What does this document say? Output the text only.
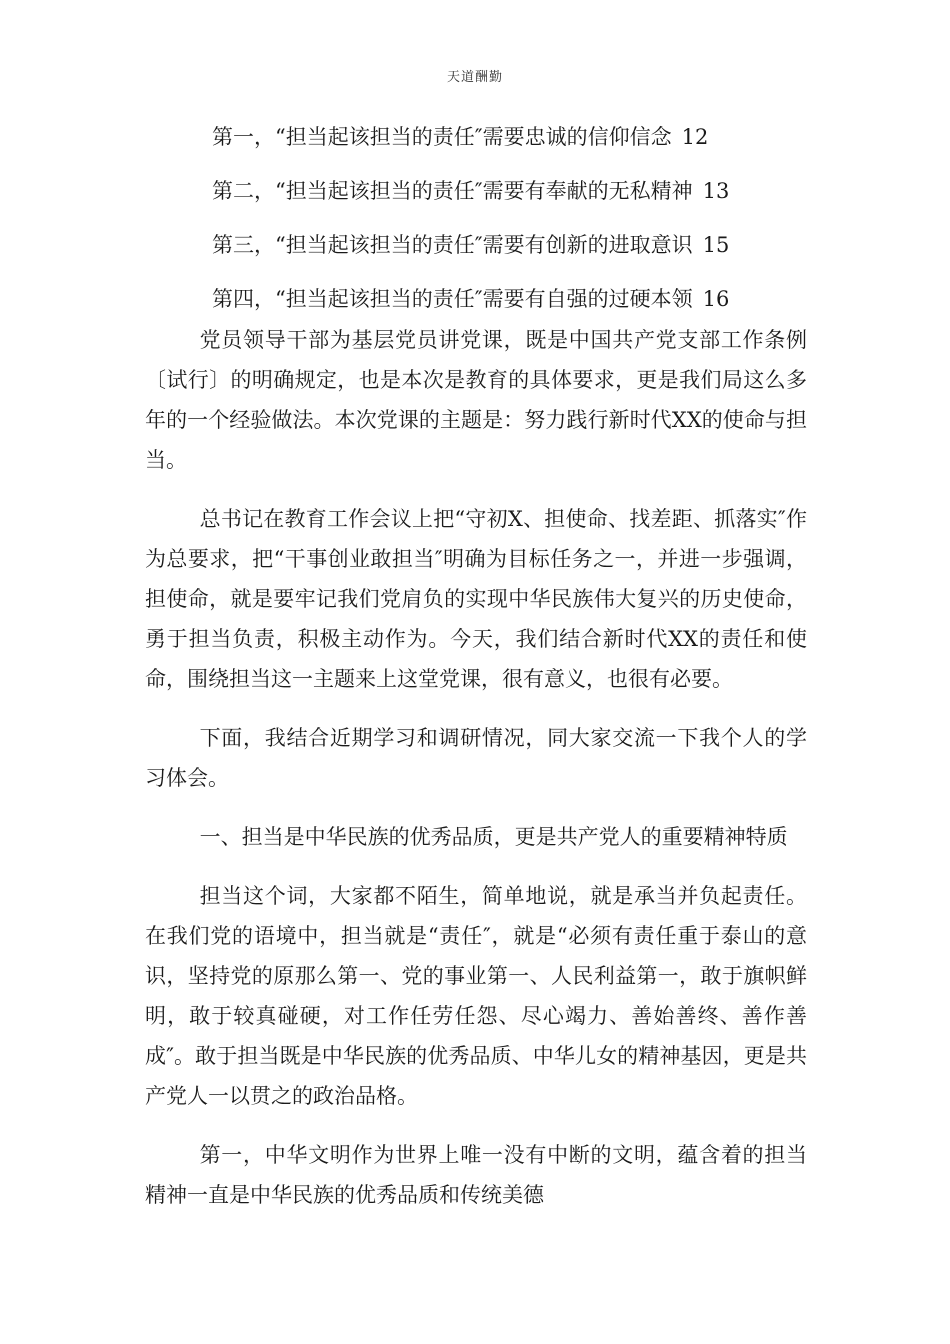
天道酬勤
第一，“担当起该担当的责任″需要忠诚的信仰信念 12
第二，“担当起该担当的责任″需要有奉献的无私精神 13
第三，“担当起该担当的责任″需要有创新的进取意识 15
第四，“担当起该担当的责任″需要有自强的过硬本领 16

党员领导干部为基层党员讲党课，既是中国共产党支部工作条例〔试行〕的明确规定，也是本次是教育的具体要求，更是我们局这么多年的一个经验做法。本次党课的主题是：努力践行新时代XX的使命与担当。

总书记在教育工作会议上把“守初X、担使命、找差距、抓落实″作为总要求，把“干事创业敢担当″明确为目标任务之一，并进一步强调，担使命，就是要牢记我们党肩负的实现中华民族伟大复兴的历史使命，勇于担当负责，积极主动作为。今天，我们结合新时代XX的责任和使命，围绕担当这一主题来上这堂党课，很有意义，也很有必要。

下面，我结合近期学习和调研情况，同大家交流一下我个人的学习体会。

一、担当是中华民族的优秀品质，更是共产党人的重要精神特质

担当这个词，大家都不陌生，简单地说，就是承当并负起责任。在我们党的语境中，担当就是“责任″，就是“必须有责任重于泰山的意识，坚持党的原那么第一、党的事业第一、人民利益第一，敢于旗帜鲜明，敢于较真碰硬，对工作任劳任怨、尽心竭力、善始善终、善作善成″。敢于担当既是中华民族的优秀品质、中华儿女的精神基因，更是共产党人一以贯之的政治品格。

第一，中华文明作为世界上唯一没有中断的文明，蕴含着的担当精神一直是中华民族的优秀品质和传统美德
